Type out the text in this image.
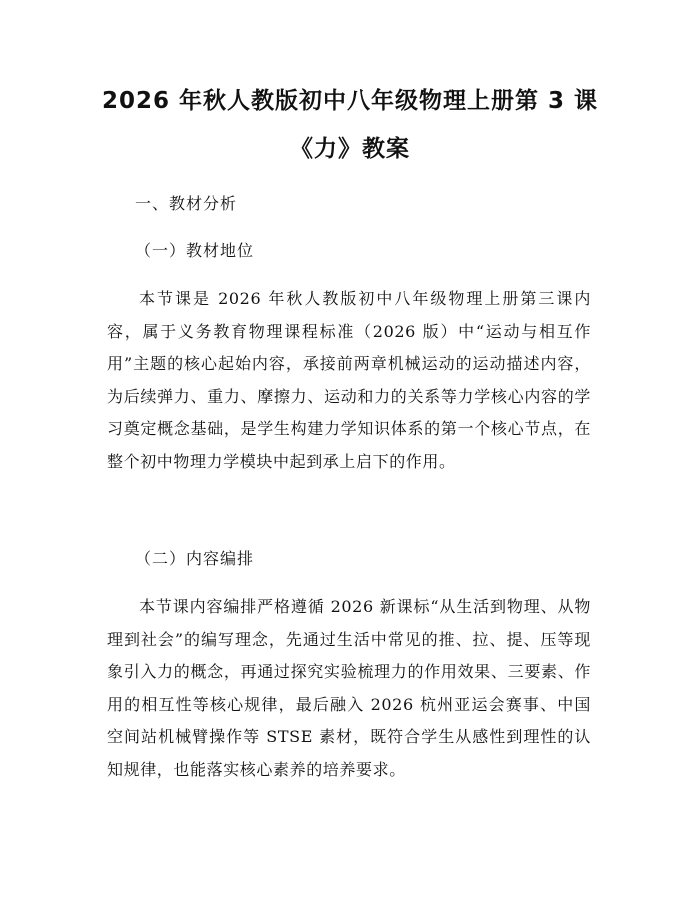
2026 年秋人教版初中八年级物理上册第 3 课
《力》教案
一、教材分析
（一）教材地位
本节课是 2026 年秋人教版初中八年级物理上册第三课内容，属于义务教育物理课程标准（2026 版）中“运动与相互作用”主题的核心起始内容，承接前两章机械运动的运动描述内容，为后续弹力、重力、摩擦力、运动和力的关系等力学核心内容的学习奠定概念基础，是学生构建力学知识体系的第一个核心节点，在整个初中物理力学模块中起到承上启下的作用。
（二）内容编排
本节课内容编排严格遵循 2026 新课标“从生活到物理、从物理到社会”的编写理念，先通过生活中常见的推、拉、提、压等现象引入力的概念，再通过探究实验梳理力的作用效果、三要素、作用的相互性等核心规律，最后融入 2026 杭州亚运会赛事、中国空间站机械臂操作等 STSE 素材，既符合学生从感性到理性的认知规律，也能落实核心素养的培养要求。
